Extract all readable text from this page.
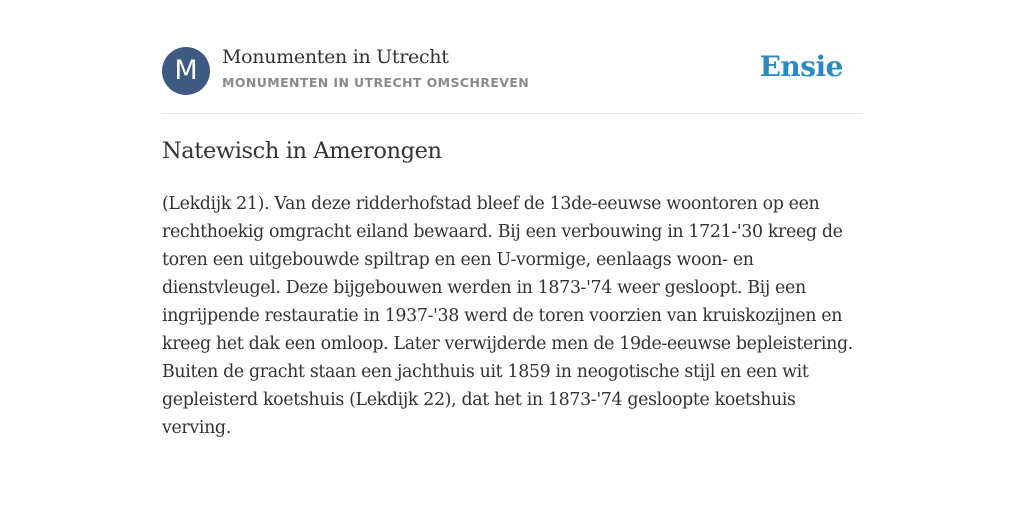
M	Monumenten in Utrecht
MONUMENTEN IN UTRECHT OMSCHREVEN	Ensie
Natewisch in Amerongen

(Lekdijk 21). Van deze ridderhofstad bleef de 13de-eeuwse woontoren op een rechthoekig omgracht eiland bewaard. Bij een verbouwing in 1721-'30 kreeg de toren een uitgebouwde spiltrap en een U-vormige, eenlaags woon- en dienstvleugel. Deze bijgebouwen werden in 1873-'74 weer gesloopt. Bij een ingrijpende restauratie in 1937-'38 werd de toren voorzien van kruiskozijnen en kreeg het dak een omloop. Later verwijderde men de 19de-eeuwse bepleistering. Buiten de gracht staan een jachthuis uit 1859 in neogotische stijl en een wit gepleisterd koetshuis (Lekdijk 22), dat het in 1873-'74 gesloopte koetshuis verving.
